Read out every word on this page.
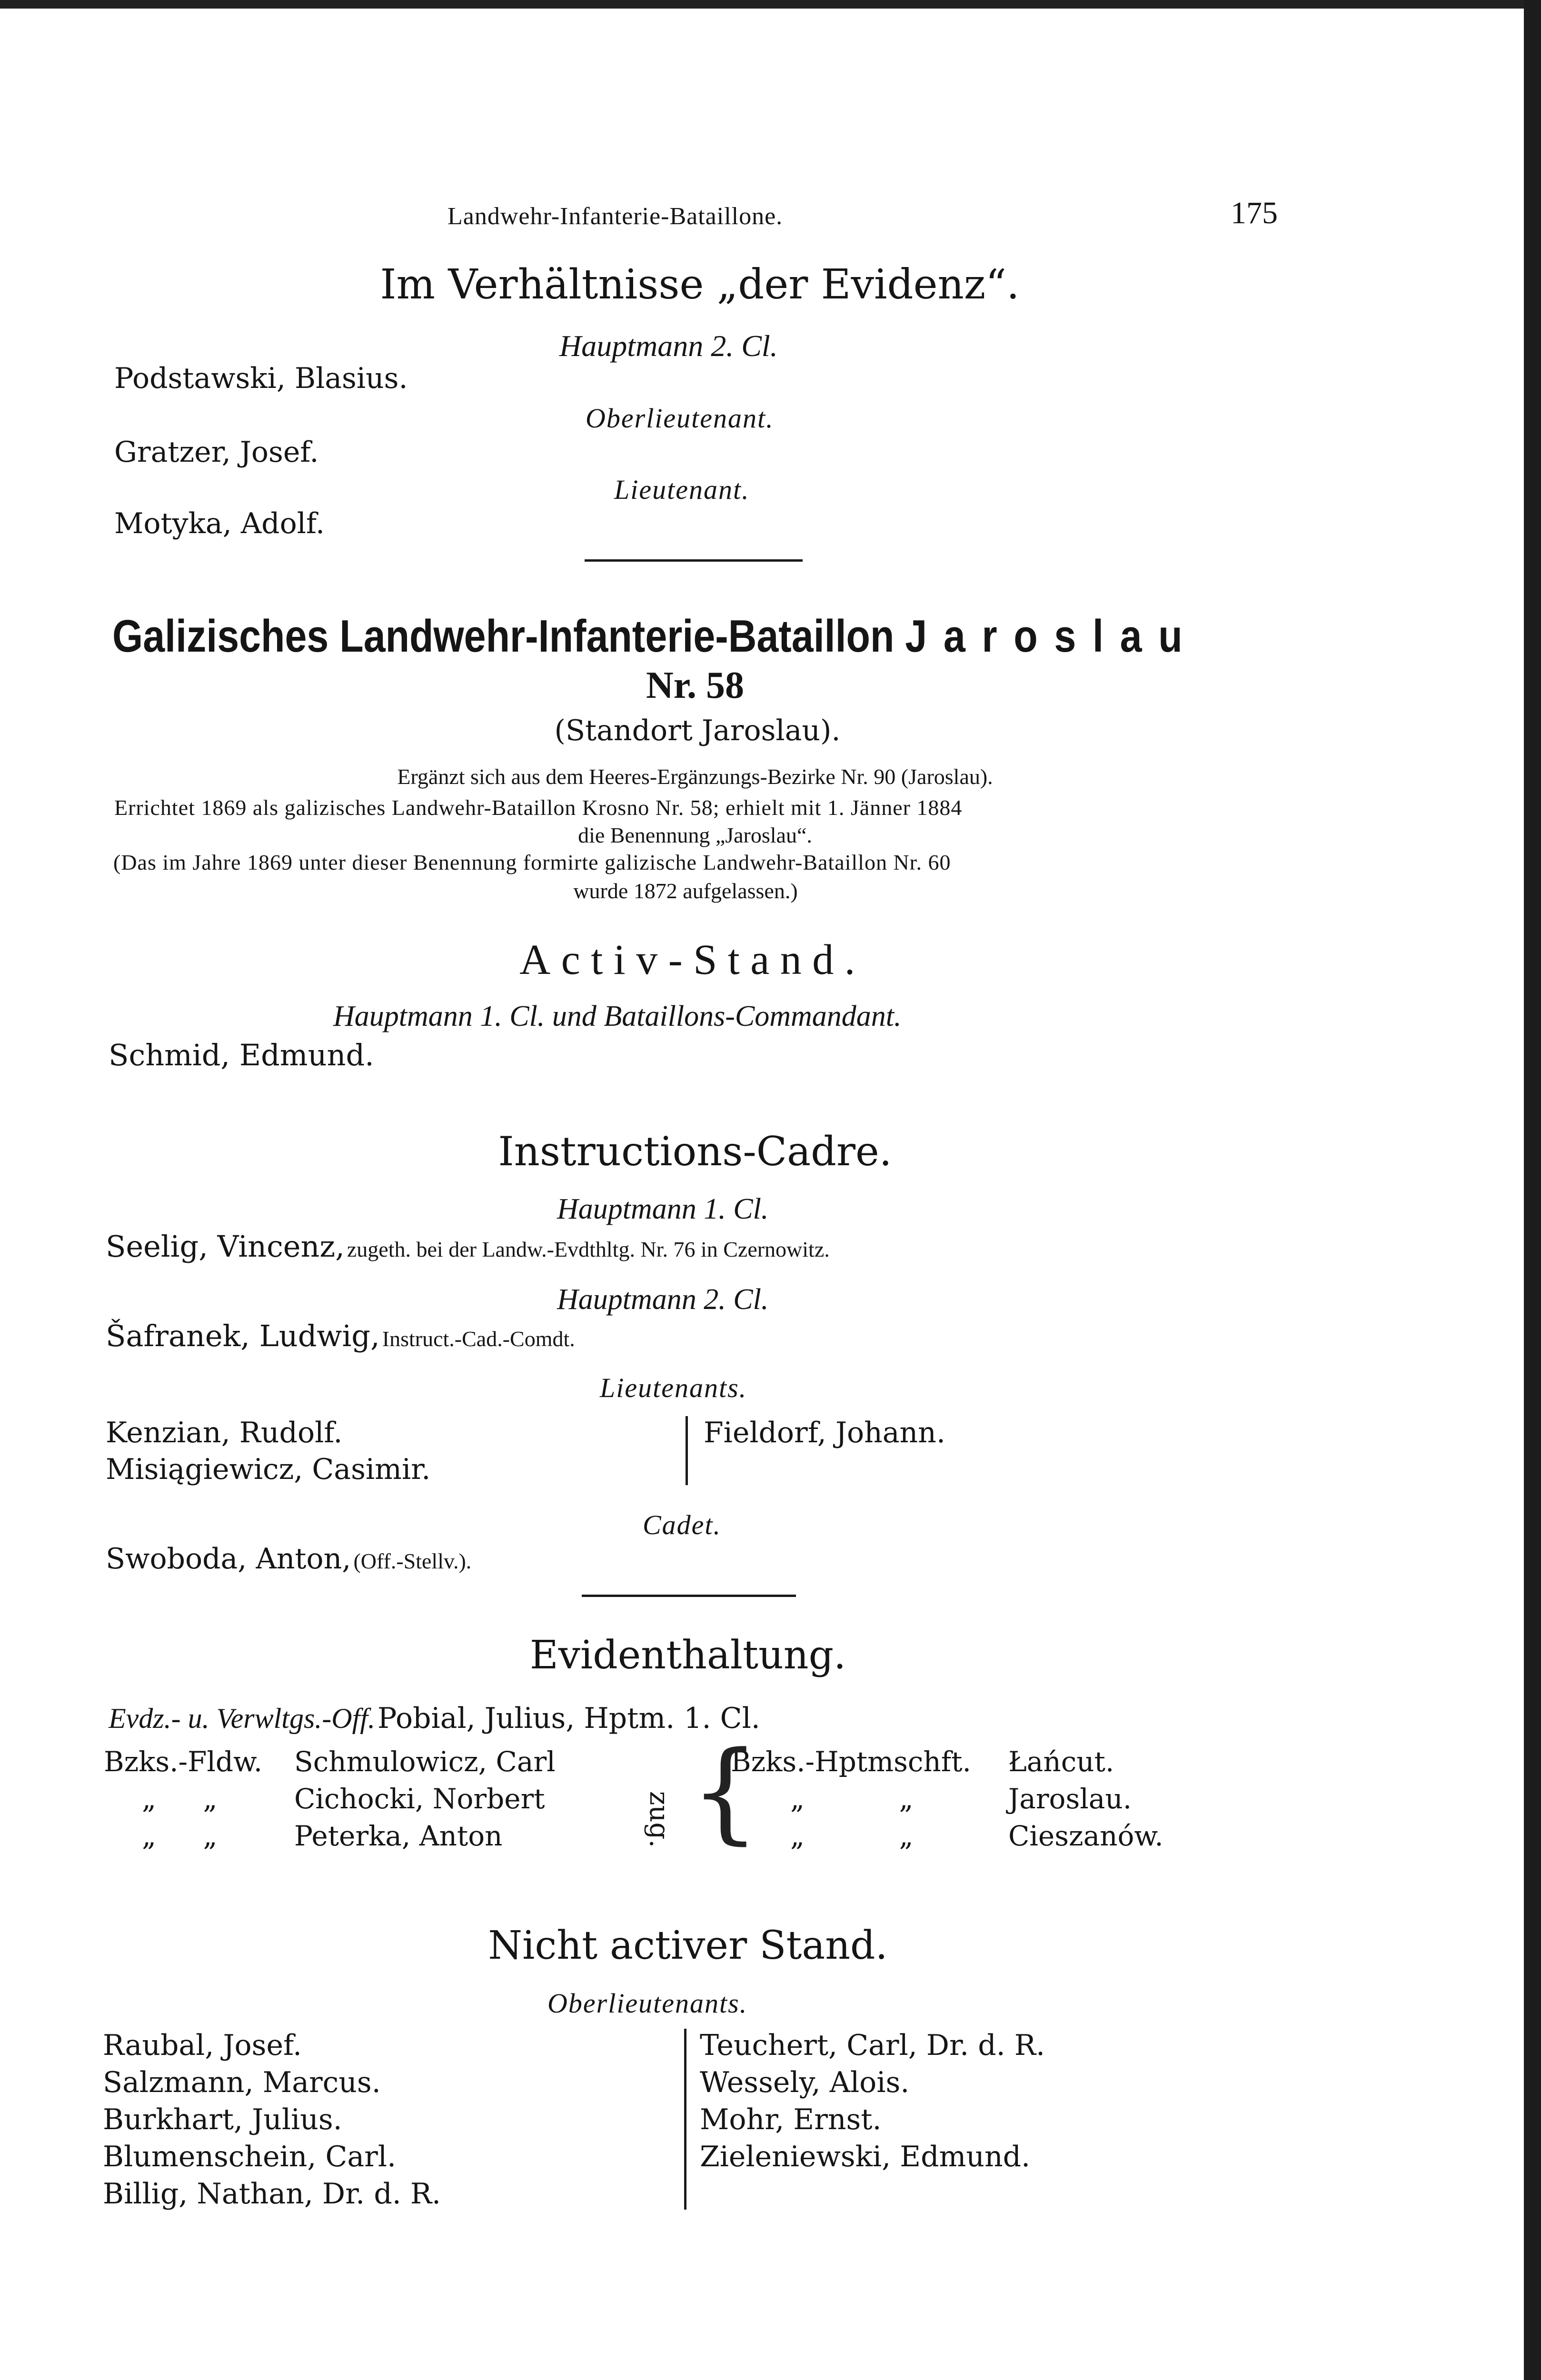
Landwehr-Infanterie-Bataillone.	175
Im Verhältnisse „der Evidenz“.
Hauptmann 2. Cl.
Podstawski, Blasius.
Oberlieutenant.
Gratzer, Josef.
Lieutenant.
Motyka, Adolf.
Galizisches Landwehr-Infanterie-Bataillon Jaroslau
Nr. 58
(Standort Jaroslau).
Ergänzt sich aus dem Heeres-Ergänzungs-Bezirke Nr. 90 (Jaroslau).
Errichtet 1869 als galizisches Landwehr-Bataillon Krosno Nr. 58; erhielt mit 1. Jänner 1884
die Benennung „Jaroslau“.
(Das im Jahre 1869 unter dieser Benennung formirte galizische Landwehr-Bataillon Nr. 60
wurde 1872 aufgelassen.)
Activ-Stand.
Hauptmann 1. Cl. und Bataillons-Commandant.
Schmid, Edmund.
Instructions-Cadre.
Hauptmann 1. Cl.
Seelig, Vincenz, zugeth. bei der Landw.-Evdthltg. Nr. 76 in Czernowitz.
Hauptmann 2. Cl.
Šafranek, Ludwig, Instruct.-Cad.-Comdt.
Lieutenants.
Kenzian, Rudolf.
Misiągiewicz, Casimir.
Fieldorf, Johann.
Cadet.
Swoboda, Anton, (Off.-Stellv.).
Evidenthaltung.
Evdz.- u. Verwltgs.-Off. Pobial, Julius, Hptm. 1. Cl.
Bzks.-Fldw. Schmulowicz, Carl	Bzks.-Hptmschft. Łańcut.
„ „	Cichocki, Norbert	„ „	Jaroslau.
„ „	Peterka, Anton	„ „	Cieszanów.
zug. {
Nicht activer Stand.
Oberlieutenants.
Raubal, Josef.
Salzmann, Marcus.
Burkhart, Julius.
Blumenschein, Carl.
Billig, Nathan, Dr. d. R.
Teuchert, Carl, Dr. d. R.
Wessely, Alois.
Mohr, Ernst.
Zieleniewski, Edmund.
